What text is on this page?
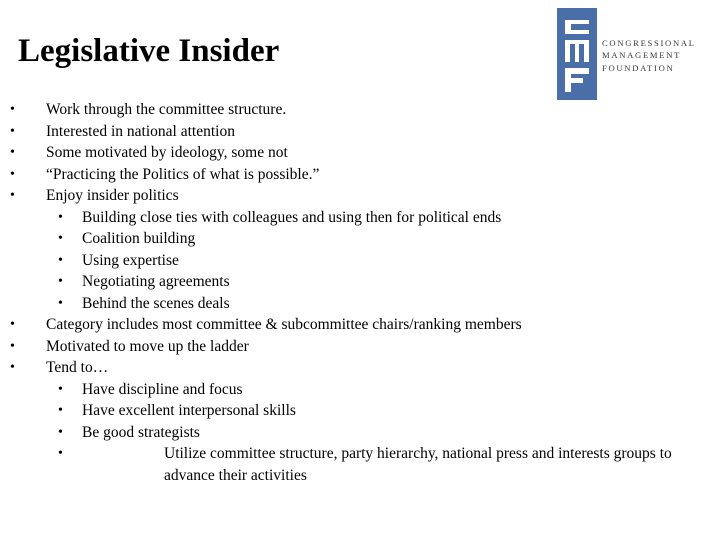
Legislative Insider	CONGRESSIONAL
MANAGEMENT
FOUNDATION
• Work through the committee structure.
• Interested in national attention
• Some motivated by ideology, some not
• “Practicing the Politics of what is possible.”
• Enjoy insider politics
• Building close ties with colleagues and using then for political ends
• Coalition building
• Using expertise
• Negotiating agreements
• Behind the scenes deals
• Category includes most committee & subcommittee chairs/ranking members
• Motivated to move up the ladder
• Tend to…
• Have discipline and focus
• Have excellent interpersonal skills
• Be good strategists
•	Utilize committee structure, party hierarchy, national press and interests groups to advance their activities
